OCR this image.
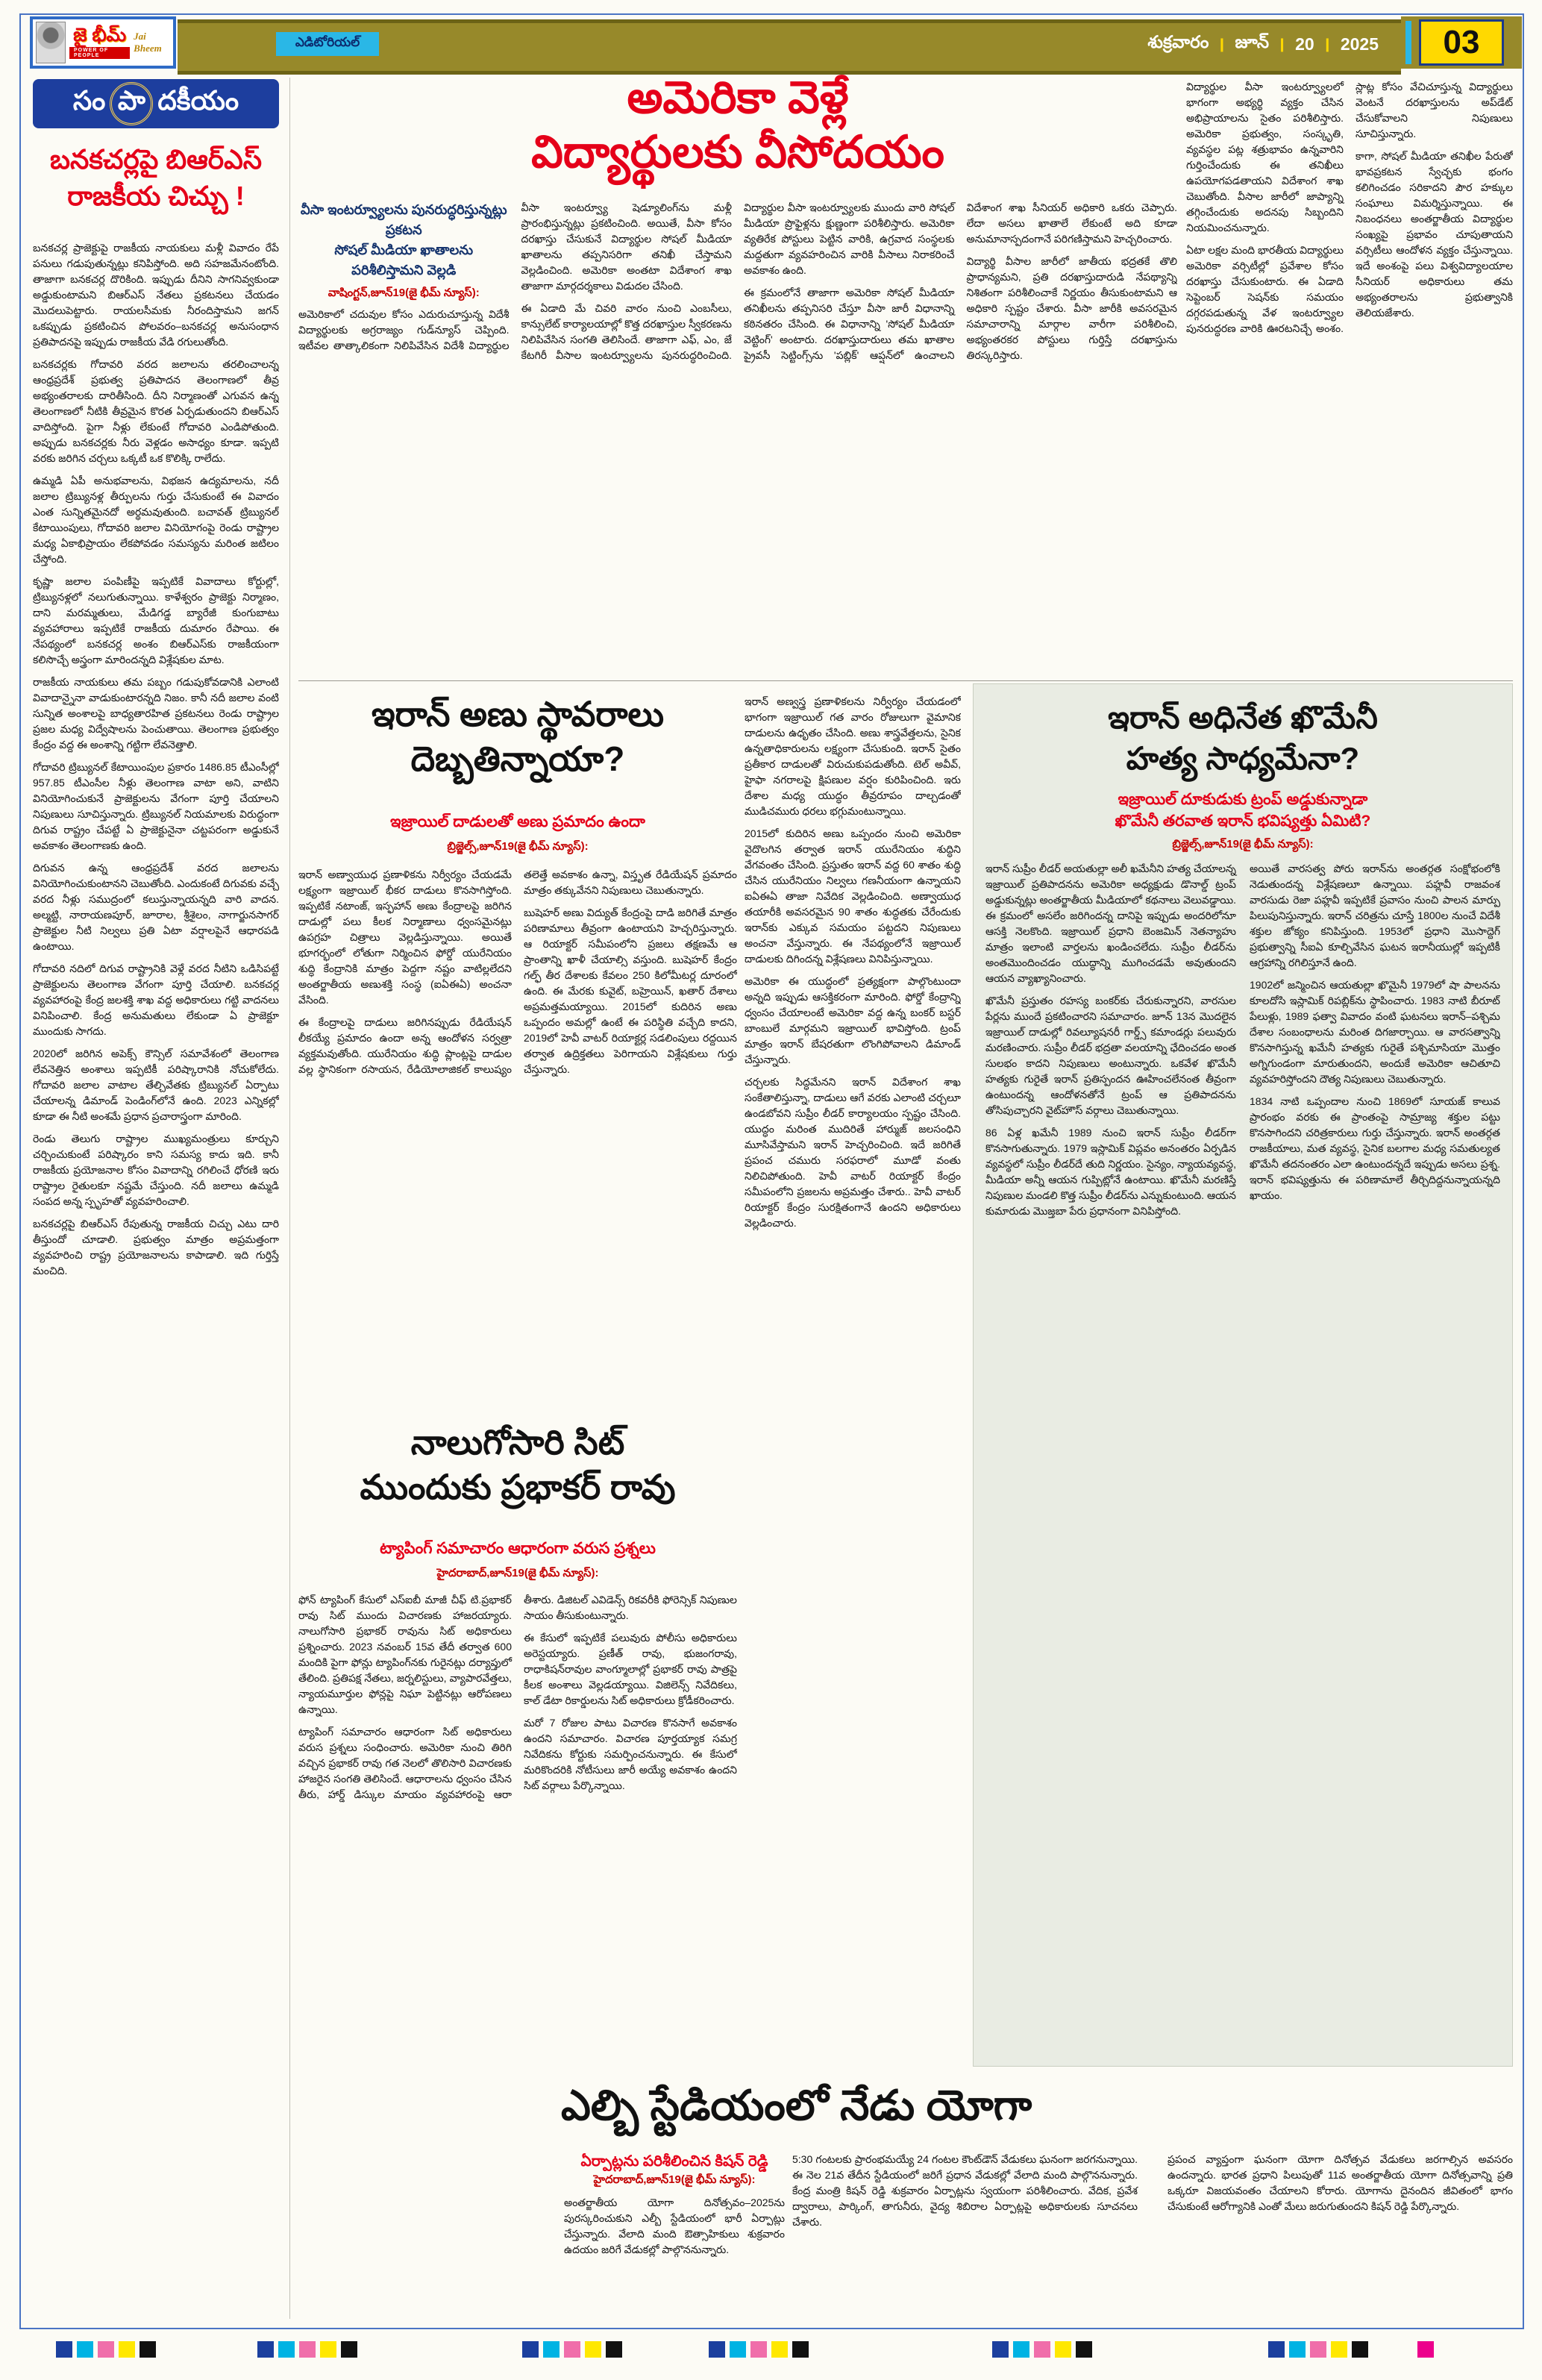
ఎడిటోరియల్	శుక్రవారం ❙ జూన్ ❙ 20 ❙ 2025
జై భీమ్
POWER OF PEOPLE
Jai Bheem	03
సం పా దకీయం
బనకచర్లపై బిఆర్ఎస్
రాజకీయ చిచ్చు !

బనకచర్ల ప్రాజెక్టుపై రాజకీయ నాయకులు మళ్లీ వివాదం రేపే పనులు గడుపుతున్నట్లు కనిపిస్తోంది. అది సహజమేనంటోంది. తాజాగా బనకచర్ల దొరికింది. ఇప్పుడు దీనిని సాగనివ్వకుండా అడ్డుకుంటామని బిఆర్ఎస్ నేతలు ప్రకటనలు చేయడం మొదలుపెట్టారు. రాయలసీమకు నీరందిస్తామని జగన్ ఒకప్పుడు ప్రకటించిన పోలవరం–బనకచర్ల అనుసంధాన ప్రతిపాదనపై ఇప్పుడు రాజకీయ వేడి రగులుతోంది.

బనకచర్లకు గోదావరి వరద జలాలను తరలించాలన్న ఆంధ్రప్రదేశ్ ప్రభుత్వ ప్రతిపాదన తెలంగాణలో తీవ్ర అభ్యంతరాలకు దారితీసింది. దీని నిర్మాణంతో ఎగువన ఉన్న తెలంగాణలో నీటికి తీవ్రమైన కొరత ఏర్పడుతుందని బిఆర్ఎస్ వాదిస్తోంది. పైగా నీళ్లు లేకుంటే గోదావరి ఎండిపోతుంది. అప్పుడు బనకచర్లకు నీరు వెళ్లడం అసాధ్యం కూడా. ఇప్పటి వరకు జరిగిన చర్చలు ఒక్కటీ ఒక కొలిక్కి రాలేదు.

ఉమ్మడి ఏపీ అనుభవాలను, విభజన ఉద్యమాలను, నదీ జలాల ట్రిబ్యునళ్ల తీర్పులను గుర్తు చేసుకుంటే ఈ వివాదం ఎంత సున్నితమైనదో అర్థమవుతుంది. బచావత్ ట్రిబ్యునల్ కేటాయింపులు, గోదావరి జలాల వినియోగంపై రెండు రాష్ట్రాల మధ్య ఏకాభిప్రాయం లేకపోవడం సమస్యను మరింత జటిలం చేస్తోంది.

కృష్ణా జలాల పంపిణీపై ఇప్పటికే వివాదాలు కోర్టుల్లో, ట్రిబ్యునళ్లలో నలుగుతున్నాయి. కాళేశ్వరం ప్రాజెక్టు నిర్మాణం, దాని మరమ్మతులు, మేడిగడ్డ బ్యారేజీ కుంగుబాటు వ్యవహారాలు ఇప్పటికే రాజకీయ దుమారం రేపాయి. ఈ నేపథ్యంలో బనకచర్ల అంశం బిఆర్ఎస్‌కు రాజకీయంగా కలిసొచ్చే అస్త్రంగా మారిందన్నది విశ్లేషకుల మాట.

రాజకీయ నాయకులు తమ పబ్బం గడుపుకోవడానికి ఎలాంటి వివాదాన్నైనా వాడుకుంటారన్నది నిజం. కానీ నదీ జలాల వంటి సున్నిత అంశాలపై బాధ్యతారహిత ప్రకటనలు రెండు రాష్ట్రాల ప్రజల మధ్య విద్వేషాలను పెంచుతాయి. తెలంగాణ ప్రభుత్వం కేంద్రం వద్ద ఈ అంశాన్ని గట్టిగా లేవనెత్తాలి.

గోదావరి ట్రిబ్యునల్ కేటాయింపుల ప్రకారం 1486.85 టీఎంసీల్లో 957.85 టీఎంసీల నీళ్లు తెలంగాణ వాటా అని, వాటిని వినియోగించుకునే ప్రాజెక్టులను వేగంగా పూర్తి చేయాలని నిపుణులు సూచిస్తున్నారు. ట్రిబ్యునల్ నియమాలకు విరుద్ధంగా దిగువ రాష్ట్రం చేపట్టే ఏ ప్రాజెక్టునైనా చట్టపరంగా అడ్డుకునే అవకాశం తెలంగాణకు ఉంది.

దిగువన ఉన్న ఆంధ్రప్రదేశ్ వరద జలాలను వినియోగించుకుంటానని చెబుతోంది. ఎందుకంటే దిగువకు వచ్చే వరద నీళ్లు సముద్రంలో కలుస్తున్నాయన్నది వారి వాదన. అల్మట్టి, నారాయణపూర్, జూరాల, శ్రీశైలం, నాగార్జునసాగర్ ప్రాజెక్టుల నీటి నిల్వలు ప్రతి ఏటా వర్షాలపైనే ఆధారపడి ఉంటాయి.

గోదావరి నదిలో దిగువ రాష్ట్రానికి వెళ్లే వరద నీటిని ఒడిసిపట్టే ప్రాజెక్టులను తెలంగాణ వేగంగా పూర్తి చేయాలి. బనకచర్ల వ్యవహారంపై కేంద్ర జలశక్తి శాఖ వద్ద అధికారులు గట్టి వాదనలు వినిపించాలి. కేంద్ర అనుమతులు లేకుండా ఏ ప్రాజెక్టూ ముందుకు సాగదు.

2020లో జరిగిన అపెక్స్ కౌన్సిల్ సమావేశంలో తెలంగాణ లేవనెత్తిన అంశాలు ఇప్పటికీ పరిష్కారానికి నోచుకోలేదు. గోదావరి జలాల వాటాల తేల్చివేతకు ట్రిబ్యునల్ ఏర్పాటు చేయాలన్న డిమాండ్ పెండింగ్‌లోనే ఉంది. 2023 ఎన్నికల్లో కూడా ఈ నీటి అంశమే ప్రధాన ప్రచారాస్త్రంగా మారింది.

రెండు తెలుగు రాష్ట్రాల ముఖ్యమంత్రులు కూర్చుని చర్చించుకుంటే పరిష్కారం కాని సమస్య కాదు ఇది. కానీ రాజకీయ ప్రయోజనాల కోసం వివాదాన్ని రగిలించే ధోరణి ఇరు రాష్ట్రాల రైతులకూ నష్టమే చేస్తుంది. నదీ జలాలు ఉమ్మడి సంపద అన్న స్పృహతో వ్యవహరించాలి.

బనకచర్లపై బిఆర్ఎస్ రేపుతున్న రాజకీయ చిచ్చు ఎటు దారి తీస్తుందో చూడాలి. ప్రభుత్వం మాత్రం అప్రమత్తంగా వ్యవహరించి రాష్ట్ర ప్రయోజనాలను కాపాడాలి. ఇది గుర్తిస్తే మంచిది.

అమెరికా వెళ్లే
విద్యార్థులకు వీసోదయం
వీసా ఇంటర్వ్యూలను పునరుద్ధరిస్తున్నట్లు ప్రకటన
సోషల్ మీడియా ఖాతాలను పరిశీలిస్తామని వెల్లడి
వాషింగ్టన్,జూన్19(జై భీమ్ న్యూస్):

అమెరికాలో చదువుల కోసం ఎదురుచూస్తున్న విదేశీ విద్యార్థులకు అగ్రరాజ్యం గుడ్‌న్యూస్ చెప్పింది. ఇటీవల తాత్కాలికంగా నిలిపివేసిన విదేశీ విద్యార్థుల వీసా ఇంటర్వ్యూ షెడ్యూలింగ్‌ను మళ్లీ ప్రారంభిస్తున్నట్లు ప్రకటించింది. అయితే, వీసా కోసం దరఖాస్తు చేసుకునే విద్యార్థుల సోషల్ మీడియా ఖాతాలను తప్పనిసరిగా తనిఖీ చేస్తామని వెల్లడించింది. అమెరికా అంతటా విదేశాంగ శాఖ తాజాగా మార్గదర్శకాలు విడుదల చేసింది.

ఈ ఏడాది మే చివరి వారం నుంచి ఎంబసీలు, కాన్సులేట్ కార్యాలయాల్లో కొత్త దరఖాస్తుల స్వీకరణను నిలిపివేసిన సంగతి తెలిసిందే. తాజాగా ఎఫ్, ఎం, జే కేటగిరీ వీసాల ఇంటర్వ్యూలను పునరుద్ధరించింది. విద్యార్థుల వీసా ఇంటర్వ్యూలకు ముందు వారి సోషల్ మీడియా ప్రొఫైళ్లను క్షుణ్ణంగా పరిశీలిస్తారు. అమెరికా వ్యతిరేక పోస్టులు పెట్టిన వారికి, ఉగ్రవాద సంస్థలకు మద్దతుగా వ్యవహరించిన వారికి వీసాలు నిరాకరించే అవకాశం ఉంది.

ఈ క్రమంలోనే తాజాగా అమెరికా సోషల్ మీడియా తనిఖీలను తప్పనిసరి చేస్తూ వీసా జారీ విధానాన్ని కఠినతరం చేసింది. ఈ విధానాన్ని 'సోషల్ మీడియా వెట్టింగ్' అంటారు. దరఖాస్తుదారులు తమ ఖాతాల ప్రైవసీ సెట్టింగ్స్‌ను 'పబ్లిక్' ఆప్షన్‌లో ఉంచాలని విదేశాంగ శాఖ సీనియర్ అధికారి ఒకరు చెప్పారు. లేదా అసలు ఖాతాలే లేకుంటే అది కూడా అనుమానాస్పదంగానే పరిగణిస్తామని హెచ్చరించారు.

విద్యార్థి వీసాల జారీలో జాతీయ భద్రతకే తొలి ప్రాధాన్యమని, ప్రతి దరఖాస్తుదారుడి నేపథ్యాన్ని నిశితంగా పరిశీలించాకే నిర్ణయం తీసుకుంటామని ఆ అధికారి స్పష్టం చేశారు. వీసా జారీకి అవసరమైన సమాచారాన్ని మార్గాల వారీగా పరిశీలించి, అభ్యంతరకర పోస్టులు గుర్తిస్తే దరఖాస్తును తిరస్కరిస్తారు.

విద్యార్థుల వీసా ఇంటర్వ్యూలలో భాగంగా అభ్యర్థి వ్యక్తం చేసిన అభిప్రాయాలను సైతం పరిశీలిస్తారు. అమెరికా ప్రభుత్వం, సంస్కృతి, వ్యవస్థల పట్ల శత్రుభావం ఉన్నవారిని గుర్తించేందుకు ఈ తనిఖీలు ఉపయోగపడతాయని విదేశాంగ శాఖ చెబుతోంది. వీసాల జారీలో జాప్యాన్ని తగ్గించేందుకు అదనపు సిబ్బందిని నియమించనున్నారు.

ఏటా లక్షల మంది భారతీయ విద్యార్థులు అమెరికా వర్సిటీల్లో ప్రవేశాల కోసం దరఖాస్తు చేసుకుంటారు. ఈ ఏడాది సెప్టెంబర్ సెషన్‌కు సమయం దగ్గరపడుతున్న వేళ ఇంటర్వ్యూల పునరుద్ధరణ వారికి ఊరటనిచ్చే అంశం. స్లాట్ల కోసం వేచిచూస్తున్న విద్యార్థులు వెంటనే దరఖాస్తులను అప్‌డేట్ చేసుకోవాలని నిపుణులు సూచిస్తున్నారు.

కాగా, సోషల్ మీడియా తనిఖీల పేరుతో భావప్రకటన స్వేచ్ఛకు భంగం కలిగించడం సరికాదని పౌర హక్కుల సంఘాలు విమర్శిస్తున్నాయి. ఈ నిబంధనలు అంతర్జాతీయ విద్యార్థుల సంఖ్యపై ప్రభావం చూపుతాయని వర్సిటీలు ఆందోళన వ్యక్తం చేస్తున్నాయి. ఇదే అంశంపై పలు విశ్వవిద్యాలయాల సీనియర్ అధికారులు తమ అభ్యంతరాలను ప్రభుత్వానికి తెలియజేశారు.

ఇరాన్ అణు స్థావరాలు
దెబ్బతిన్నాయా?
ఇజ్రాయిల్ దాడులతో అణు ప్రమాదం ఉందా
బ్రిజ్జెల్స్,జూన్19(జై భీమ్ న్యూస్):

ఇరాన్ అణ్వాయుధ ప్రణాళికను నిర్వీర్యం చేయడమే లక్ష్యంగా ఇజ్రాయిల్ భీకర దాడులు కొనసాగిస్తోంది. ఇప్పటికే నటాంజ్, ఇస్ఫహాన్ అణు కేంద్రాలపై జరిగిన దాడుల్లో పలు కీలక నిర్మాణాలు ధ్వంసమైనట్లు ఉపగ్రహ చిత్రాలు వెల్లడిస్తున్నాయి. అయితే భూగర్భంలో లోతుగా నిర్మించిన ఫోర్డో యురేనియం శుద్ధి కేంద్రానికి మాత్రం పెద్దగా నష్టం వాటిల్లలేదని అంతర్జాతీయ అణుశక్తి సంస్థ (ఐఏఈఏ) అంచనా వేసింది.

ఈ కేంద్రాలపై దాడులు జరిగినప్పుడు రేడియేషన్ లీకయ్యే ప్రమాదం ఉందా అన్న ఆందోళన సర్వత్రా వ్యక్తమవుతోంది. యురేనియం శుద్ధి ప్లాంట్లపై దాడుల వల్ల స్థానికంగా రసాయన, రేడియోలాజికల్ కాలుష్యం తలెత్తే అవకాశం ఉన్నా, విస్తృత రేడియేషన్ ప్రమాదం మాత్రం తక్కువేనని నిపుణులు చెబుతున్నారు.

బుషెహర్ అణు విద్యుత్ కేంద్రంపై దాడి జరిగితే మాత్రం పరిణామాలు తీవ్రంగా ఉంటాయని హెచ్చరిస్తున్నారు. ఆ రియాక్టర్ సమీపంలోని ప్రజలు తక్షణమే ఆ ప్రాంతాన్ని ఖాళీ చేయాల్సి వస్తుంది. బుషెహర్ కేంద్రం గల్ఫ్ తీర దేశాలకు కేవలం 250 కిలోమీటర్ల దూరంలో ఉంది. ఈ మేరకు కువైట్, బహ్రెయిన్, ఖతార్ దేశాలు అప్రమత్తమయ్యాయి. 2015లో కుదిరిన అణు ఒప్పందం అమల్లో ఉంటే ఈ పరిస్థితి వచ్చేది కాదని, 2019లో హెవీ వాటర్ రియాక్టర్ల సడలింపులు రద్దయిన తర్వాత ఉద్రిక్తతలు పెరిగాయని విశ్లేషకులు గుర్తు చేస్తున్నారు.

ఇరాన్ అణ్వస్త్ర ప్రణాళికలను నిర్వీర్యం చేయడంలో భాగంగా ఇజ్రాయిల్ గత వారం రోజులుగా వైమానిక దాడులను ఉధృతం చేసింది. అణు శాస్త్రవేత్తలను, సైనిక ఉన్నతాధికారులను లక్ష్యంగా చేసుకుంది. ఇరాన్ సైతం ప్రతీకార దాడులతో విరుచుకుపడుతోంది. టెల్ అవీవ్, హైఫా నగరాలపై క్షిపణుల వర్షం కురిపించింది. ఇరు దేశాల మధ్య యుద్ధం తీవ్రరూపం దాల్చడంతో ముడిచమురు ధరలు భగ్గుమంటున్నాయి.

2015లో కుదిరిన అణు ఒప్పందం నుంచి అమెరికా వైదొలగిన తర్వాత ఇరాన్ యురేనియం శుద్ధిని వేగవంతం చేసింది. ప్రస్తుతం ఇరాన్ వద్ద 60 శాతం శుద్ధి చేసిన యురేనియం నిల్వలు గణనీయంగా ఉన్నాయని ఐఏఈఏ తాజా నివేదిక వెల్లడించింది. అణ్వాయుధ తయారీకి అవసరమైన 90 శాతం శుద్ధతకు చేరేందుకు ఇరాన్‌కు ఎక్కువ సమయం పట్టదని నిపుణులు అంచనా వేస్తున్నారు. ఈ నేపథ్యంలోనే ఇజ్రాయిల్ దాడులకు దిగిందన్న విశ్లేషణలు వినిపిస్తున్నాయి.

అమెరికా ఈ యుద్ధంలో ప్రత్యక్షంగా పాల్గొంటుందా అన్నది ఇప్పుడు ఆసక్తికరంగా మారింది. ఫోర్డో కేంద్రాన్ని ధ్వంసం చేయాలంటే అమెరికా వద్ద ఉన్న బంకర్ బస్టర్ బాంబులే మార్గమని ఇజ్రాయిల్ భావిస్తోంది. ట్రంప్ మాత్రం ఇరాన్ బేషరతుగా లొంగిపోవాలని డిమాండ్ చేస్తున్నారు.

చర్చలకు సిద్ధమేనని ఇరాన్ విదేశాంగ శాఖ సంకేతాలిస్తున్నా, దాడులు ఆగే వరకు ఎలాంటి చర్చలూ ఉండబోవని సుప్రీం లీడర్ కార్యాలయం స్పష్టం చేసింది. యుద్ధం మరింత ముదిరితే హార్ముజ్ జలసంధిని మూసివేస్తామని ఇరాన్ హెచ్చరించింది. ఇదే జరిగితే ప్రపంచ చమురు సరఫరాలో మూడో వంతు నిలిచిపోతుంది. హెవీ వాటర్ రియాక్టర్ కేంద్రం సమీపంలోని ప్రజలను అప్రమత్తం చేశారు.. హెవీ వాటర్ రియాక్టర్ కేంద్రం సురక్షితంగానే ఉందని అధికారులు వెల్లడించారు.

నాలుగోసారి సిట్
ముందుకు ప్రభాకర్ రావు
ట్యాపింగ్ సమాచారం ఆధారంగా వరుస ప్రశ్నలు
హైదరాబాద్,జూన్19(జై భీమ్ న్యూస్):

ఫోన్ ట్యాపింగ్ కేసులో ఎస్ఐబీ మాజీ చీఫ్ టి.ప్రభాకర్ రావు సిట్ ముందు విచారణకు హాజరయ్యారు. నాలుగోసారి ప్రభాకర్ రావును సిట్ అధికారులు ప్రశ్నించారు. 2023 నవంబర్ 15వ తేదీ తర్వాత 600 మందికి పైగా ఫోన్లు ట్యాపింగ్‌నకు గురైనట్లు దర్యాప్తులో తేలింది. ప్రతిపక్ష నేతలు, జర్నలిస్టులు, వ్యాపారవేత్తలు, న్యాయమూర్తుల ఫోన్లపై నిఘా పెట్టినట్లు ఆరోపణలు ఉన్నాయి.

ట్యాపింగ్ సమాచారం ఆధారంగా సిట్ అధికారులు వరుస ప్రశ్నలు సంధించారు. అమెరికా నుంచి తిరిగి వచ్చిన ప్రభాకర్ రావు గత నెలలో తొలిసారి విచారణకు హాజరైన సంగతి తెలిసిందే. ఆధారాలను ధ్వంసం చేసిన తీరు, హార్డ్ డిస్కుల మాయం వ్యవహారంపై ఆరా తీశారు. డిజిటల్ ఎవిడెన్స్ రికవరీకి ఫోరెన్సిక్ నిపుణుల సాయం తీసుకుంటున్నారు.

ఈ కేసులో ఇప్పటికే పలువురు పోలీసు అధికారులు అరెస్టయ్యారు. ప్రణీత్ రావు, భుజంగరావు, రాధాకిషన్‌రావుల వాంగ్మూలాల్లో ప్రభాకర్ రావు పాత్రపై కీలక అంశాలు వెల్లడయ్యాయి. విజిలెన్స్ నివేదికలు, కాల్ డేటా రికార్డులను సిట్ అధికారులు క్రోడీకరించారు.

మరో 7 రోజుల పాటు విచారణ కొనసాగే అవకాశం ఉందని సమాచారం. విచారణ పూర్తయ్యాక సమగ్ర నివేదికను కోర్టుకు సమర్పించనున్నారు. ఈ కేసులో మరికొందరికి నోటీసులు జారీ అయ్యే అవకాశం ఉందని సిట్ వర్గాలు పేర్కొన్నాయి.

ఇరాన్ అధినేత ఖొమేనీ
హత్య సాధ్యమేనా?
ఇజ్రాయిల్ దూకుడుకు ట్రంప్ అడ్డుకున్నాడా
ఖొమేనీ తరవాత ఇరాన్ భవిష్యత్తు ఏమిటి?
బ్రిజ్జెల్స్,జూన్19(జై భీమ్ న్యూస్):

ఇరాన్ సుప్రీం లీడర్ అయతుల్లా అలీ ఖమేనీని హత్య చేయాలన్న ఇజ్రాయిల్ ప్రతిపాదనను అమెరికా అధ్యక్షుడు డొనాల్డ్ ట్రంప్ అడ్డుకున్నట్లు అంతర్జాతీయ మీడియాలో కథనాలు వెలువడ్డాయి. ఈ క్రమంలో అసలేం జరిగిందన్న దానిపై ఇప్పుడు అందరిలోనూ ఆసక్తి నెలకొంది. ఇజ్రాయిల్ ప్రధాని బెంజమిన్ నెతన్యాహు మాత్రం ఇలాంటి వార్తలను ఖండించలేదు. సుప్రీం లీడర్‌ను అంతమొందించడం యుద్ధాన్ని ముగించడమే అవుతుందని ఆయన వ్యాఖ్యానించారు.

ఖొమేనీ ప్రస్తుతం రహస్య బంకర్‌కు చేరుకున్నారని, వారసుల పేర్లను ముందే ప్రకటించారని సమాచారం. జూన్ 13న మొదలైన ఇజ్రాయిల్ దాడుల్లో రివల్యూషనరీ గార్డ్స్ కమాండర్లు పలువురు మరణించారు. సుప్రీం లీడర్ భద్రతా వలయాన్ని ఛేదించడం అంత సులభం కాదని నిపుణులు అంటున్నారు. ఒకవేళ ఖొమేనీ హత్యకు గురైతే ఇరాన్ ప్రతిస్పందన ఊహించలేనంత తీవ్రంగా ఉంటుందన్న ఆందోళనతోనే ట్రంప్ ఆ ప్రతిపాదనను తోసిపుచ్చారని వైట్‌హౌస్ వర్గాలు చెబుతున్నాయి.

86 ఏళ్ల ఖమేనీ 1989 నుంచి ఇరాన్ సుప్రీం లీడర్‌గా కొనసాగుతున్నారు. 1979 ఇస్లామిక్ విప్లవం అనంతరం ఏర్పడిన వ్యవస్థలో సుప్రీం లీడర్‌దే తుది నిర్ణయం. సైన్యం, న్యాయవ్యవస్థ, మీడియా అన్నీ ఆయన గుప్పిట్లోనే ఉంటాయి. ఖొమేనీ మరణిస్తే నిపుణుల మండలి కొత్త సుప్రీం లీడర్‌ను ఎన్నుకుంటుంది. ఆయన కుమారుడు మొజ్తబా పేరు ప్రధానంగా వినిపిస్తోంది.

అయితే వారసత్వ పోరు ఇరాన్‌ను అంతర్గత సంక్షోభంలోకి నెడుతుందన్న విశ్లేషణలూ ఉన్నాయి. పహ్లవీ రాజవంశ వారసుడు రెజా పహ్లవీ ఇప్పటికే ప్రవాసం నుంచి పాలన మార్పు పిలుపునిస్తున్నారు. ఇరాన్ చరిత్రను చూస్తే 1800ల నుంచే విదేశీ శక్తుల జోక్యం కనిపిస్తుంది. 1953లో ప్రధాని మొసాద్దెగ్ ప్రభుత్వాన్ని సీఐఏ కూల్చివేసిన ఘటన ఇరానీయుల్లో ఇప్పటికీ ఆగ్రహాన్ని రగిలిస్తూనే ఉంది.

1902లో జన్మించిన ఆయతుల్లా ఖొమైనీ 1979లో షా పాలనను కూలదోసి ఇస్లామిక్ రిపబ్లిక్‌ను స్థాపించారు. 1983 నాటి బీరూట్ పేలుళ్లు, 1989 ఫత్వా వివాదం వంటి ఘటనలు ఇరాన్–పశ్చిమ దేశాల సంబంధాలను మరింత దిగజార్చాయి. ఆ వారసత్వాన్ని కొనసాగిస్తున్న ఖమేనీ హత్యకు గురైతే పశ్చిమాసియా మొత్తం అగ్నిగుండంగా మారుతుందని, అందుకే అమెరికా ఆచితూచి వ్యవహరిస్తోందని దౌత్య నిపుణులు చెబుతున్నారు.

1834 నాటి ఒప్పందాల నుంచి 1869లో సూయజ్ కాలువ ప్రారంభం వరకు ఈ ప్రాంతంపై సామ్రాజ్య శక్తుల పట్టు కొనసాగిందని చరిత్రకారులు గుర్తు చేస్తున్నారు. ఇరాన్ అంతర్గత రాజకీయాలు, మత వ్యవస్థ, సైనిక బలగాల మధ్య సమతుల్యత ఖొమేనీ తదనంతరం ఎలా ఉంటుందన్నదే ఇప్పుడు అసలు ప్రశ్న. ఇరాన్ భవిష్యత్తును ఈ పరిణామాలే తీర్చిదిద్దనున్నాయన్నది ఖాయం.

ఎల్బి స్టేడియంలో నేడు యోగా
ఏర్పాట్లను పరిశీలించిన కిషన్ రెడ్డి
హైదరాబాద్,జూన్19(జై భీమ్ న్యూస్):

అంతర్జాతీయ యోగా దినోత్సవం–2025ను పురస్కరించుకుని ఎల్బీ స్టేడియంలో భారీ ఏర్పాట్లు చేస్తున్నారు. వేలాది మంది ఔత్సాహికులు శుక్రవారం ఉదయం జరిగే వేడుకల్లో పాల్గొననున్నారు.

5:30 గంటలకు ప్రారంభమయ్యే 24 గంటల కౌంట్‌డౌన్ వేడుకలు ఘనంగా జరగనున్నాయి. ఈ నెల 21వ తేదీన స్టేడియంలో జరిగే ప్రధాన వేడుకల్లో వేలాది మంది పాల్గొననున్నారు. కేంద్ర మంత్రి కిషన్ రెడ్డి శుక్రవారం ఏర్పాట్లను స్వయంగా పరిశీలించారు. వేదిక, ప్రవేశ ద్వారాలు, పార్కింగ్, తాగునీరు, వైద్య శిబిరాల ఏర్పాట్లపై అధికారులకు సూచనలు చేశారు.

ప్రపంచ వ్యాప్తంగా ఘనంగా యోగా దినోత్సవ వేడుకలు జరగాల్సిన అవసరం ఉందన్నారు. భారత ప్రధాని పిలుపుతో 11వ అంతర్జాతీయ యోగా దినోత్సవాన్ని ప్రతి ఒక్కరూ విజయవంతం చేయాలని కోరారు. యోగాను దైనందిన జీవితంలో భాగం చేసుకుంటే ఆరోగ్యానికి ఎంతో మేలు జరుగుతుందని కిషన్ రెడ్డి పేర్కొన్నారు.
